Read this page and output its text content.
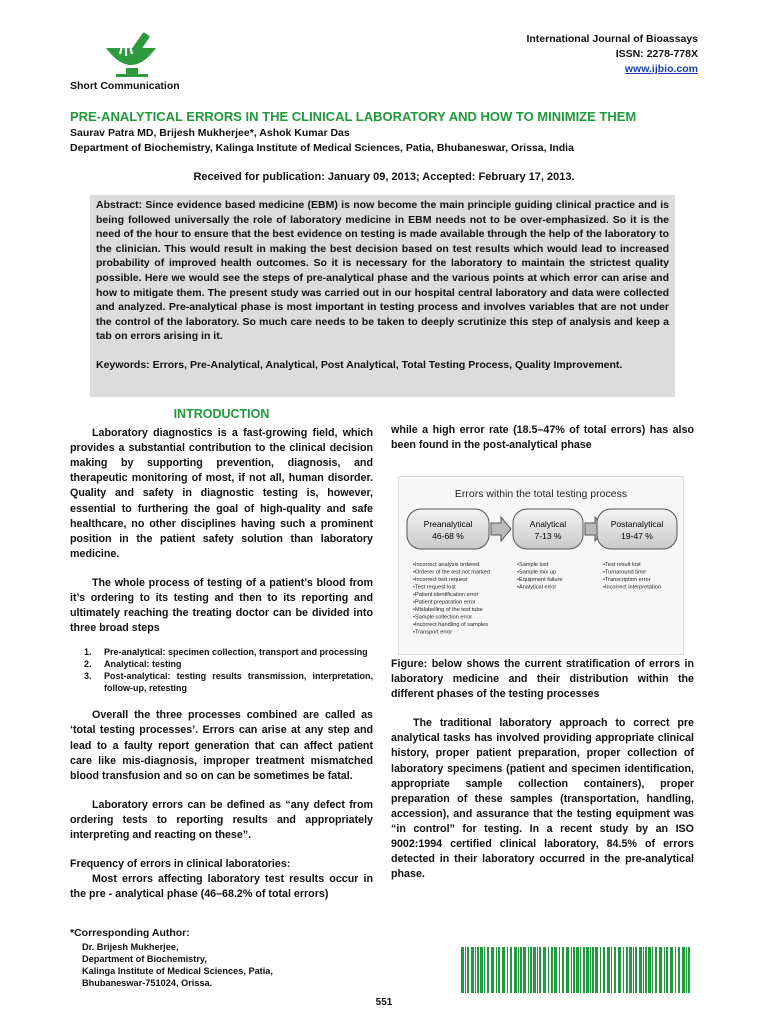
International Journal of Bioassays
ISSN: 2278-778X
www.ijbio.com
Short Communication
PRE-ANALYTICAL ERRORS IN THE CLINICAL LABORATORY AND HOW TO MINIMIZE THEM
Saurav Patra MD, Brijesh Mukherjee*, Ashok Kumar Das
Department of Biochemistry, Kalinga Institute of Medical Sciences, Patia, Bhubaneswar, Orissa, India
Received for publication: January 09, 2013; Accepted: February 17, 2013.

Abstract: Since evidence based medicine (EBM) is now become the main principle guiding clinical practice and is being followed universally the role of laboratory medicine in EBM needs not to be over-emphasized. So it is the need of the hour to ensure that the best evidence on testing is made available through the help of the laboratory to the clinician. This would result in making the best decision based on test results which would lead to increased probability of improved health outcomes. So it is necessary for the laboratory to maintain the strictest quality possible. Here we would see the steps of pre-analytical phase and the various points at which error can arise and how to mitigate them. The present study was carried out in our hospital central laboratory and data were collected and analyzed. Pre-analytical phase is most important in testing process and involves variables that are not under the control of the laboratory. So much care needs to be taken to deeply scrutinize this step of analysis and keep a tab on errors arising in it.

Keywords: Errors, Pre-Analytical, Analytical, Post Analytical, Total Testing Process, Quality Improvement.

INTRODUCTION

Laboratory diagnostics is a fast-growing field, which provides a substantial contribution to the clinical decision making by supporting prevention, diagnosis, and therapeutic monitoring of most, if not all, human disorder. Quality and safety in diagnostic testing is, however, essential to furthering the goal of high-quality and safe healthcare, no other disciplines having such a prominent position in the patient safety solution than laboratory medicine.

The whole process of testing of a patient’s blood from it’s ordering to its testing and then to its reporting and ultimately reaching the treating doctor can be divided into three broad steps

1. Pre-analytical: specimen collection, transport and processing
2. Analytical: testing
3. Post-analytical: testing results transmission, interpretation, follow-up, retesting

Overall the three processes combined are called as ‘total testing processes’. Errors can arise at any step and lead to a faulty report generation that can affect patient care like mis-diagnosis, improper treatment mismatched blood transfusion and so on can be sometimes be fatal.

Laboratory errors can be defined as “any defect from ordering tests to reporting results and appropriately interpreting and reacting on these”.

Frequency of errors in clinical laboratories:

Most errors affecting laboratory test results occur in the pre - analytical phase (46–68.2% of total errors)

while a high error rate (18.5–47% of total errors) has also been found in the post-analytical phase

Errors within the total testing process
Preanalytical
46-68 %
Analytical
7-13 %
Postanalytical
19-47 %
•Incorrect analysis ordered
•Orderer of the test not marked
•Incorrect test request
•Test request lost
•Patient identification error
•Patient preparation error
•Mislabelling of the test tube
•Sample collection error
•Incorrect handling of samples
•Transport error
•Sample lost
•Sample mix up
•Equipment failure
•Analytical error
•Test result lost
•Turnaround time
•Transcription error
•Incorrect interpretation

Figure: below shows the current stratification of errors in laboratory medicine and their distribution within the different phases of the testing processes

The traditional laboratory approach to correct pre analytical tasks has involved providing appropriate clinical history, proper patient preparation, proper collection of laboratory specimens (patient and specimen identification, appropriate sample collection containers), proper preparation of these samples (transportation, handling, accession), and assurance that the testing equipment was “in control” for testing. In a recent study by an ISO 9002:1994 certified clinical laboratory, 84.5% of errors detected in their laboratory occurred in the pre-analytical phase.

*Corresponding Author:
Dr. Brijesh Mukherjee,
Department of Biochemistry,
Kalinga Institute of Medical Sciences, Patia,
Bhubaneswar-751024, Orissa.
551
